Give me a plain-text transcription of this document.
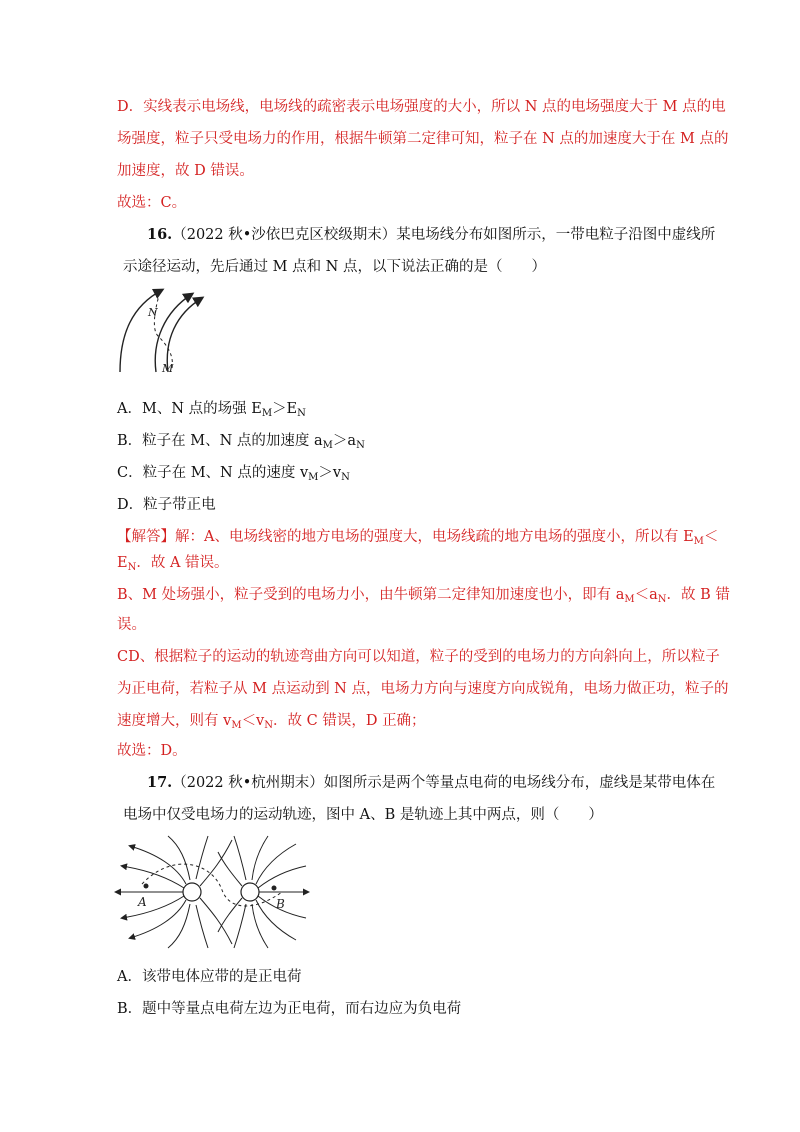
D．实线表示电场线，电场线的疏密表示电场强度的大小，所以 N 点的电场强度大于 M 点的电
场强度，粒子只受电场力的作用，根据牛顿第二定律可知，粒子在 N 点的加速度大于在 M 点的
加速度，故 D 错误。
故选：C。
16.（2022 秋•沙依巴克区校级期末）某电场线分布如图所示，一带电粒子沿图中虚线所
示途径运动，先后通过 M 点和 N 点，以下说法正确的是（　　）
N
M
A．M、N 点的场强 $E_M>E_N$
B．粒子在 M、N 点的加速度 $a_M>a_N$
C．粒子在 M、N 点的速度 $v_M>v_N$
D．粒子带正电
【解答】解：A、电场线密的地方电场的强度大，电场线疏的地方电场的强度小，所以有 $E_M<$
$E_N$．故 A 错误。
B、M 处场强小，粒子受到的电场力小，由牛顿第二定律知加速度也小，即有 $a_M<a_N$．故 B 错
误。
CD、根据粒子的运动的轨迹弯曲方向可以知道，粒子的受到的电场力的方向斜向上，所以粒子
为正电荷，若粒子从 M 点运动到 N 点，电场力方向与速度方向成锐角，电场力做正功，粒子的
速度增大，则有 $v_M<v_N$．故 C 错误，D 正确；
故选：D。
17.（2022 秋•杭州期末）如图所示是两个等量点电荷的电场线分布，虚线是某带电体在
电场中仅受电场力的运动轨迹，图中 A、B 是轨迹上其中两点，则（　　）
A	B
A．该带电体应带的是正电荷
B．题中等量点电荷左边为正电荷，而右边应为负电荷
